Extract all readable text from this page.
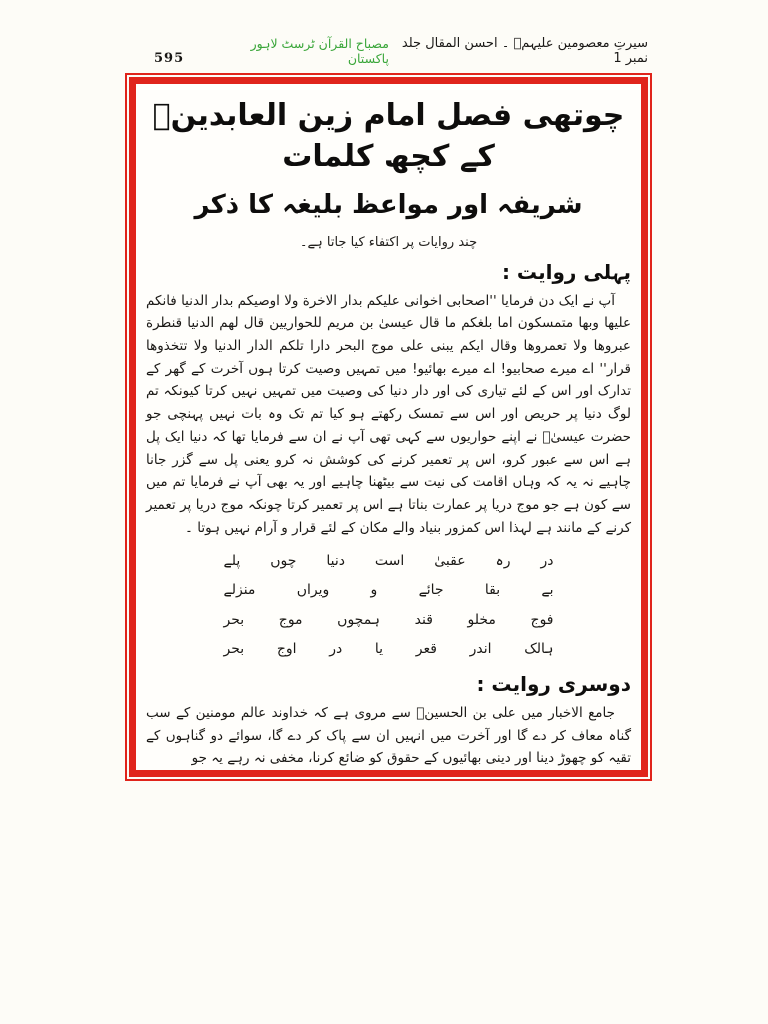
595
مصباح القرآن ٹرسٹ لاہور پاکستان
سیرتِ معصومین علیہمؑ ۔ احسن المقال جلد نمبر 1
چوتھی فصل امام زین العابدینؑ کے کچھ کلمات
شریفہ اور مواعظ بلیغہ کا ذکر
چند روایات پر اکتفاء کیا جاتا ہے۔
پہلی روایت :
آپ نے ایک دن فرمایا ''اصحابی اخوانی علیکم بدار الاخرة ولا اوصیکم بدار الدنیا فانکم علیها وبها متمسکون اما بلغکم ما قال عیسیٰ بن مریم للحواریین قال لهم الدنیا قنطرة عبروها ولا تعمروها وقال ایکم یبنی علی موج البحر دارا تلکم الدار الدنیا ولا تتخذوها قرار'' اے میرے صحابیو! اے میرے بھائیو! میں تمہیں وصیت کرتا ہوں آخرت کے گھر کے تدارک اور اس کے لئے تیاری کی اور دار دنیا کی وصیت میں تمہیں نہیں کرتا کیونکہ تم لوگ دنیا پر حریص اور اس سے تمسک رکھتے ہو کیا تم تک وہ بات نہیں پہنچی جو حضرت عیسیٰؑ نے اپنے حواریوں سے کہی تھی آپ نے ان سے فرمایا تھا کہ دنیا ایک پل ہے اس سے عبور کرو، اس پر تعمیر کرنے کی کوشش نہ کرو یعنی پل سے گزر جانا چاہیے نہ یہ کہ وہاں اقامت کی نیت سے بیٹھنا چاہیے اور یہ بھی آپ نے فرمایا تم میں سے کون ہے جو موج دریا پر عمارت بناتا ہے اس پر تعمیر کرتا چونکہ موج دریا پر تعمیر کرنے کے مانند ہے لہذا اس کمزور بنیاد والے مکان کے لئے قرار و آرام نہیں ہوتا ۔
در رہ عقبیٰ است دنیا چوں پلے
بے بقا جائے و ویراں منزلے
فوج مخلو قند ہمچوں موج بحر
ہالک اندر قعر یا در اوج بحر
دوسری روایت :
جامع الاخبار میں علی بن الحسینؑ سے مروی ہے کہ خداوند عالم مومنین کے سب گناہ معاف کر دے گا اور آخرت میں انہیں ان سے پاک کر دے گا، سوائے دو گناہوں کے تقیہ کو چھوڑ دینا اور دینی بھائیوں کے حقوق کو ضائع کرنا، مخفی نہ رہے یہ جو
